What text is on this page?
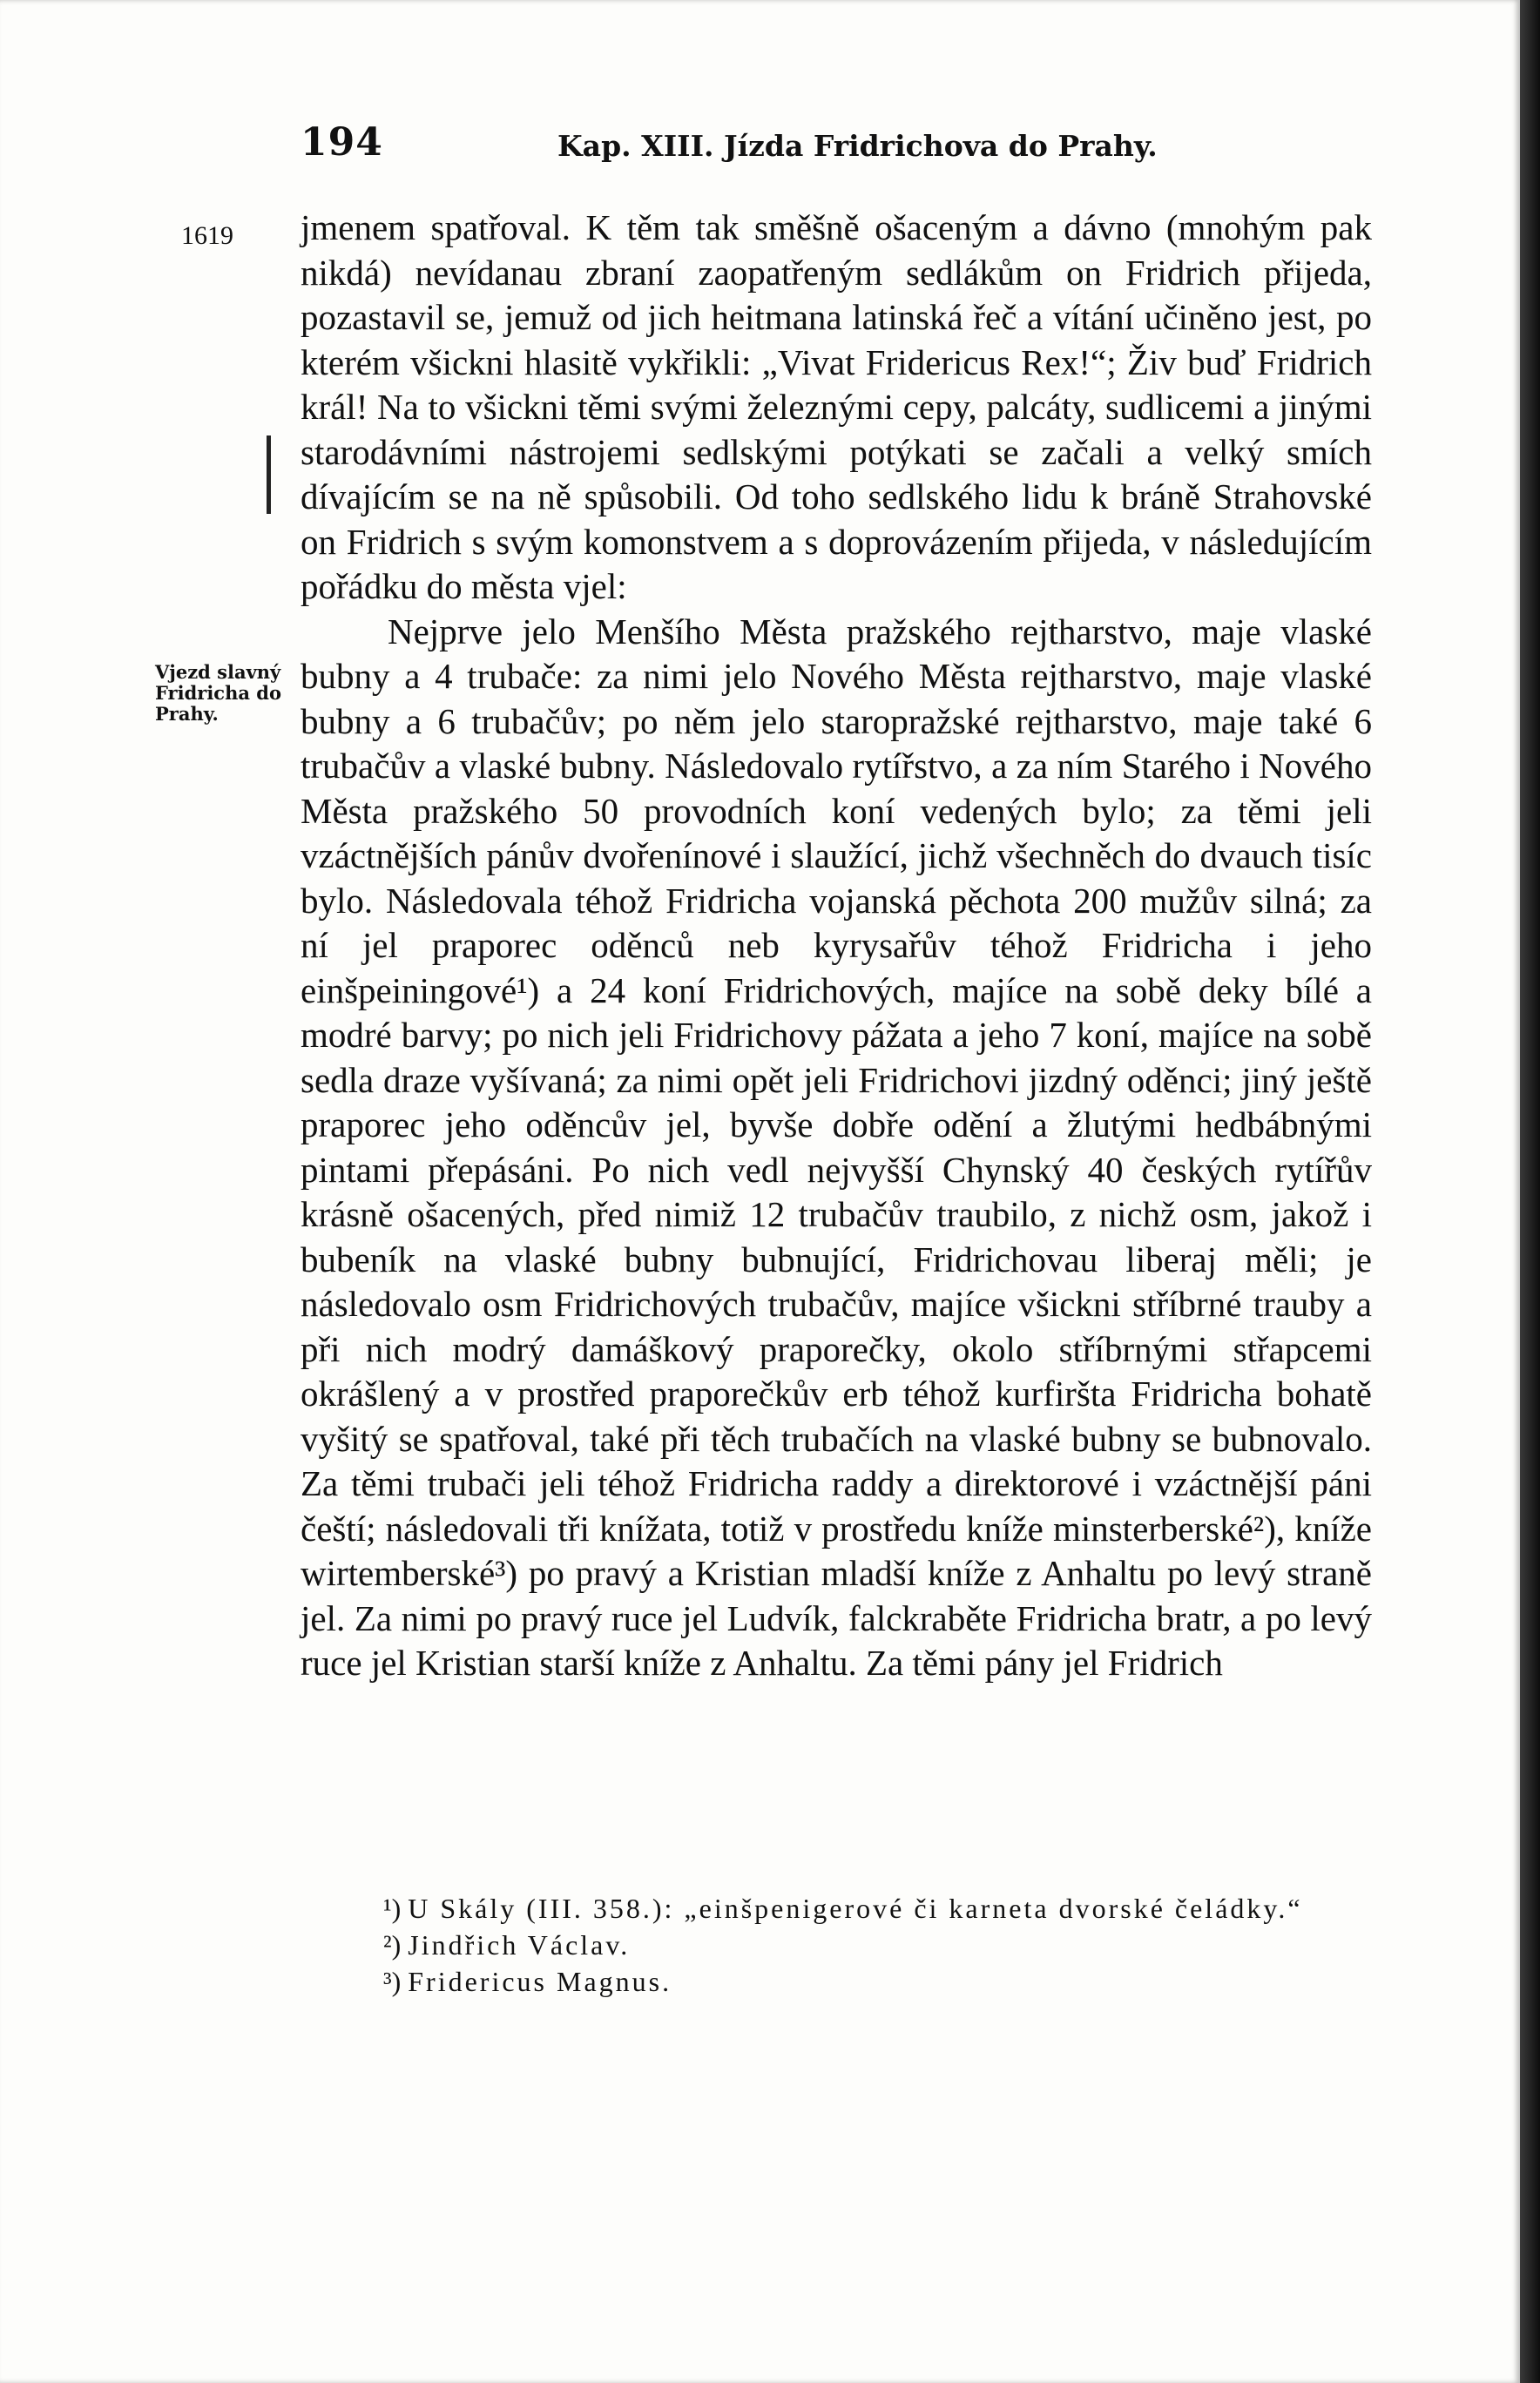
194	Kap. XIII. Jízda Fridrichova do Prahy.
1619
Vjezd slavný
Fridricha do
Prahy.

jmenem spatřoval. K těm tak směšně ošaceným a dávno (mnohým pak nikdá) nevídanau zbraní zaopatřeným sedlákům on Fridrich přijeda, pozastavil se, jemuž od jich heitmana latinská řeč a vítání učiněno jest, po kterém všickni hlasitě vykřikli: „Vivat Fridericus Rex!“; Živ buď Fridrich král! Na to všickni těmi svými železnými cepy, palcáty, sudlicemi a jinými starodávními nástrojemi sedlskými potýkati se začali a velký smích dívajícím se na ně spůsobili. Od toho sedlského lidu k bráně Strahovské on Fridrich s svým komonstvem a s doprovázením přijeda, v následujícím pořádku do města vjel:

Nejprve jelo Menšího Města pražského rejtharstvo, maje vlaské bubny a 4 trubače: za nimi jelo Nového Města rejtharstvo, maje vlaské bubny a 6 trubačův; po něm jelo staropražské rejtharstvo, maje také 6 trubačův a vlaské bubny. Následovalo rytířstvo, a za ním Starého i Nového Města pražského 50 provodních koní vedených bylo; za těmi jeli vzáctnějších pánův dvořenínové i slaužící, jichž všechněch do dvauch tisíc bylo. Následovala téhož Fridricha vojanská pěchota 200 mužův silná; za ní jel praporec oděnců neb kyrysařův téhož Fridricha i jeho einšpeiningové¹) a 24 koní Fridrichových, majíce na sobě deky bílé a modré barvy; po nich jeli Fridrichovy pážata a jeho 7 koní, majíce na sobě sedla draze vyšívaná; za nimi opět jeli Fridrichovi jizdný oděnci; jiný ještě praporec jeho oděncův jel, byvše dobře odění a žlutými hedbábnými pintami přepásáni. Po nich vedl nejvyšší Chynský 40 českých rytířův krásně ošacených, před nimiž 12 trubačův traubilo, z nichž osm, jakož i bubeník na vlaské bubny bubnující, Fridrichovau liberaj měli; je následovalo osm Fridrichových trubačův, majíce všickni stříbrné trauby a při nich modrý damáškový praporečky, okolo stříbrnými střapcemi okrášlený a v prostřed praporečkův erb téhož kurfiršta Fridricha bohatě vyšitý se spatřoval, také při těch trubačích na vlaské bubny se bubnovalo. Za těmi trubači jeli téhož Fridricha raddy a direktorové i vzáctnější páni čeští; následovali tři knížata, totiž v prostředu kníže minsterberské²), kníže wirtemberské³) po pravý a Kristian mladší kníže z Anhaltu po levý straně jel. Za nimi po pravý ruce jel Ludvík, falckraběte Fridricha bratr, a po levý ruce jel Kristian starší kníže z Anhaltu. Za těmi pány jel Fridrich

¹) U Skály (III. 358.): „einšpenigerové či karneta dvorské čeládky.“
²) Jindřich Václav.
³) Fridericus Magnus.
